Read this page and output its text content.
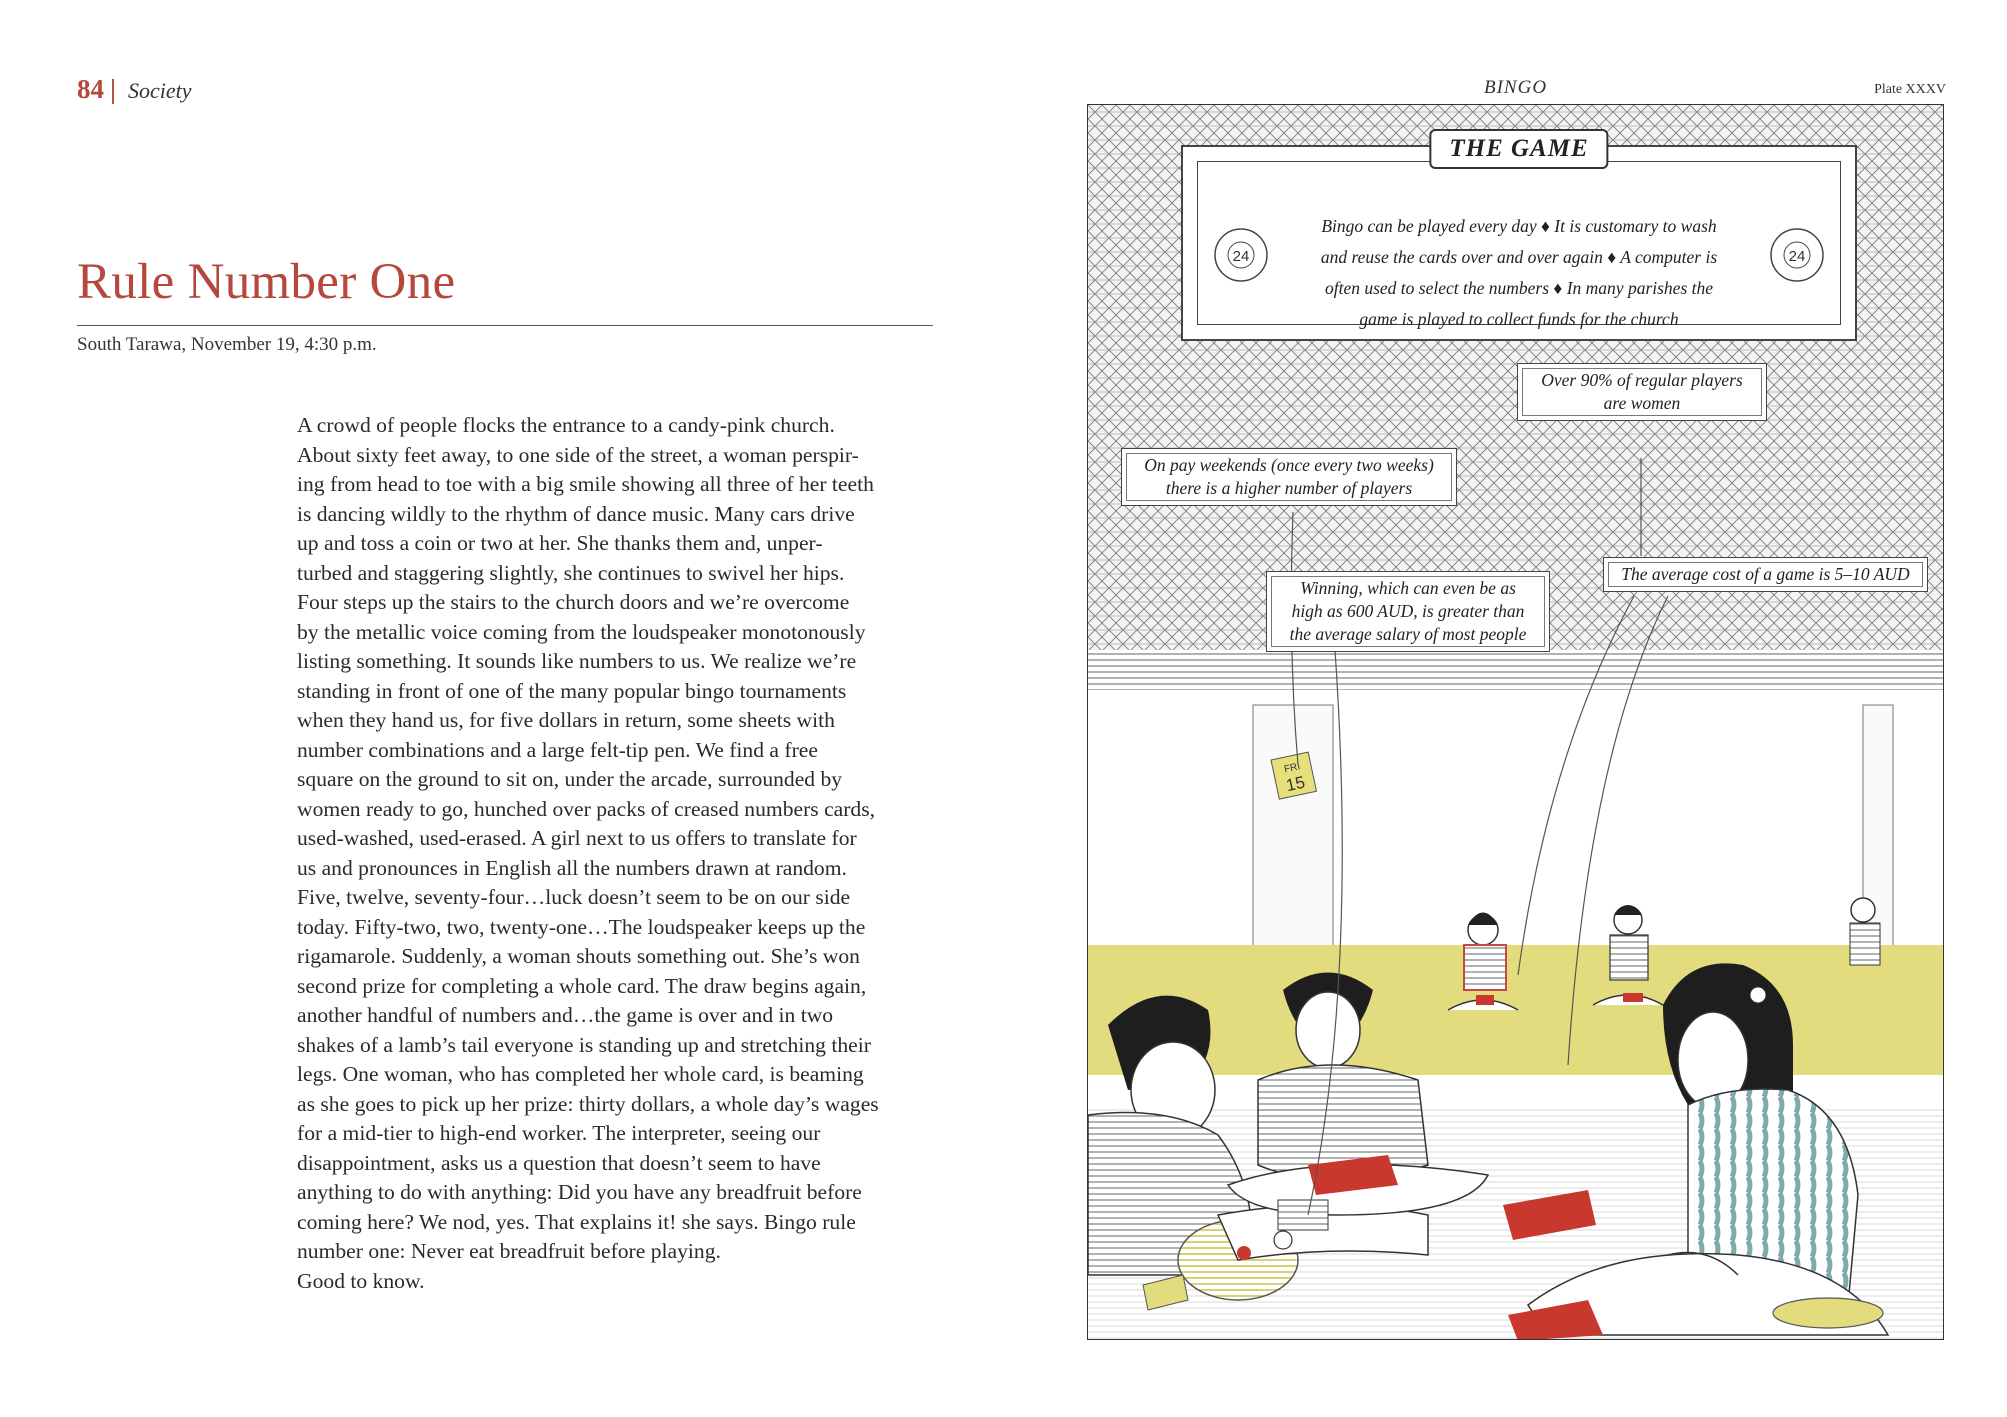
84 | Society
Rule Number One
South Tarawa, November 19, 4:30 p.m.
A crowd of people flocks the entrance to a candy-pink church.
About sixty feet away, to one side of the street, a woman perspir-
ing from head to toe with a big smile showing all three of her teeth
is dancing wildly to the rhythm of dance music. Many cars drive
up and toss a coin or two at her. She thanks them and, unper-
turbed and staggering slightly, she continues to swivel her hips.
Four steps up the stairs to the church doors and we’re overcome
by the metallic voice coming from the loudspeaker monotonously
listing something. It sounds like numbers to us. We realize we’re
standing in front of one of the many popular bingo tournaments
when they hand us, for five dollars in return, some sheets with
number combinations and a large felt-tip pen. We find a free
square on the ground to sit on, under the arcade, surrounded by
women ready to go, hunched over packs of creased numbers cards,
used-washed, used-erased. A girl next to us offers to translate for
us and pronounces in English all the numbers drawn at random.
Five, twelve, seventy-four…luck doesn’t seem to be on our side
today. Fifty-two, two, twenty-one…The loudspeaker keeps up the
rigamarole. Suddenly, a woman shouts something out. She’s won
second prize for completing a whole card. The draw begins again,
another handful of numbers and…the game is over and in two
shakes of a lamb’s tail everyone is standing up and stretching their
legs. One woman, who has completed her whole card, is beaming
as she goes to pick up her prize: thirty dollars, a whole day’s wages
for a mid-tier to high-end worker. The interpreter, seeing our
disappointment, asks us a question that doesn’t seem to have
anything to do with anything: Did you have any breadfruit before
coming here? We nod, yes. That explains it! she says. Bingo rule
number one: Never eat breadfruit before playing.
Good to know.
BINGO	Plate XXXV
FRI
15
THE GAME
24	24
Bingo can be played every day ♦ It is customary to wash
and reuse the cards over and over again ♦ A computer is
often used to select the numbers ♦ In many parishes the
game is played to collect funds for the church
On pay weekends (once every two weeks)
there is a higher number of players
Over 90% of regular players
are women
Winning, which can even be as
high as 600 AUD, is greater than
the average salary of most people
The average cost of a game is 5–10 AUD
